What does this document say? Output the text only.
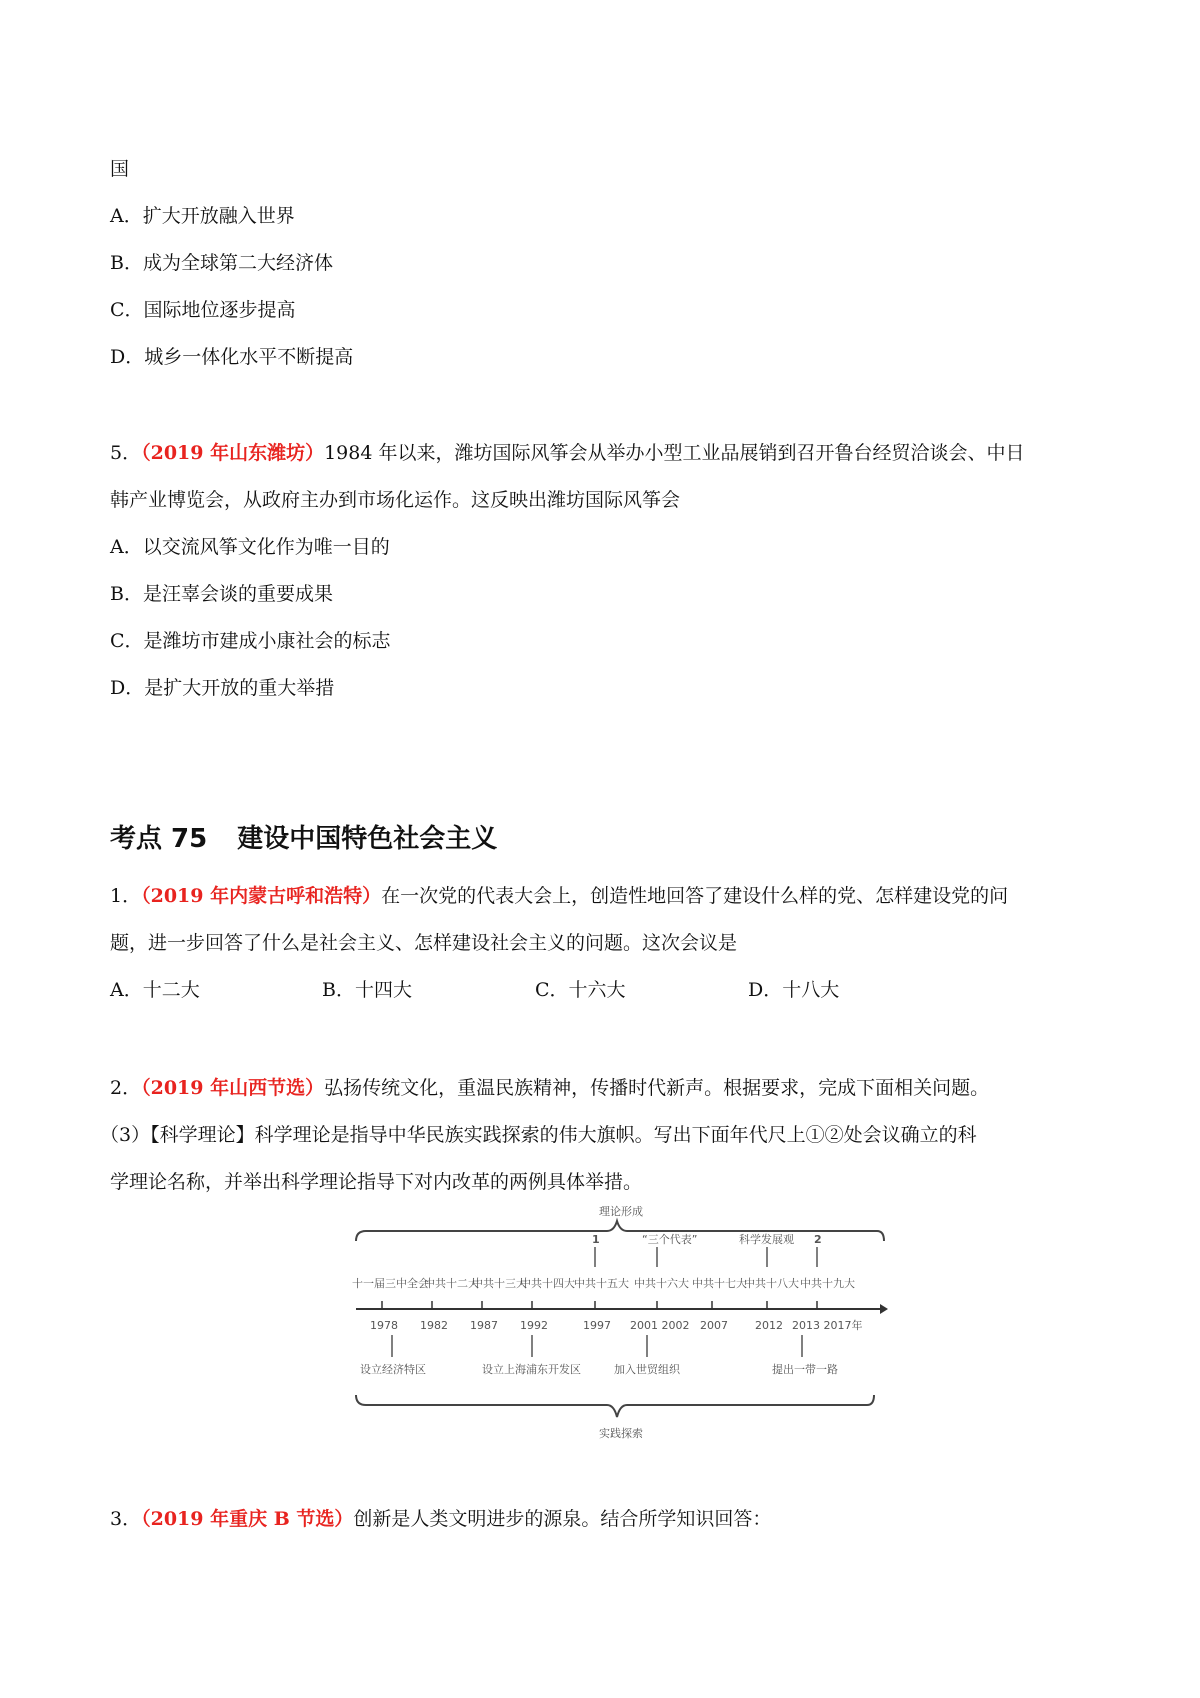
国
A．扩大开放融入世界
B．成为全球第二大经济体
C．国际地位逐步提高
D．城乡一体化水平不断提高
5．（2019 年山东潍坊）1984 年以来，潍坊国际风筝会从举办小型工业品展销到召开鲁台经贸洽谈会、中日
韩产业博览会，从政府主办到市场化运作。这反映出潍坊国际风筝会
A．以交流风筝文化作为唯一目的
B．是汪辜会谈的重要成果
C．是潍坊市建成小康社会的标志
D．是扩大开放的重大举措
考点 75 建设中国特色社会主义
1．（2019 年内蒙古呼和浩特）在一次党的代表大会上，创造性地回答了建设什么样的党、怎样建设党的问
题，进一步回答了什么是社会主义、怎样建设社会主义的问题。这次会议是
A．十二大	B．十四大	C．十六大	D．十八大
2．（2019 年山西节选）弘扬传统文化，重温民族精神，传播时代新声。根据要求，完成下面相关问题。
（3）【科学理论】科学理论是指导中华民族实践探索的伟大旗帜。写出下面年代尺上①②处会议确立的科
学理论名称，并举出科学理论指导下对内改革的两例具体举措。
理论形成
1	“三个代表”	科学发展观 2
十一届三中全会
中共十二大
中共十三大
中共十四大 中共十五大 中共十六大 中共十七大
中共十八大 中共十九大
1978 1982 1987 1992	1997 2001 2002 2007 2012 2013 2017年
设立经济特区	设立上海浦东开发区	加入世贸组织	提出一带一路
实践探索
3．（2019 年重庆 B 节选）创新是人类文明进步的源泉。结合所学知识回答：
